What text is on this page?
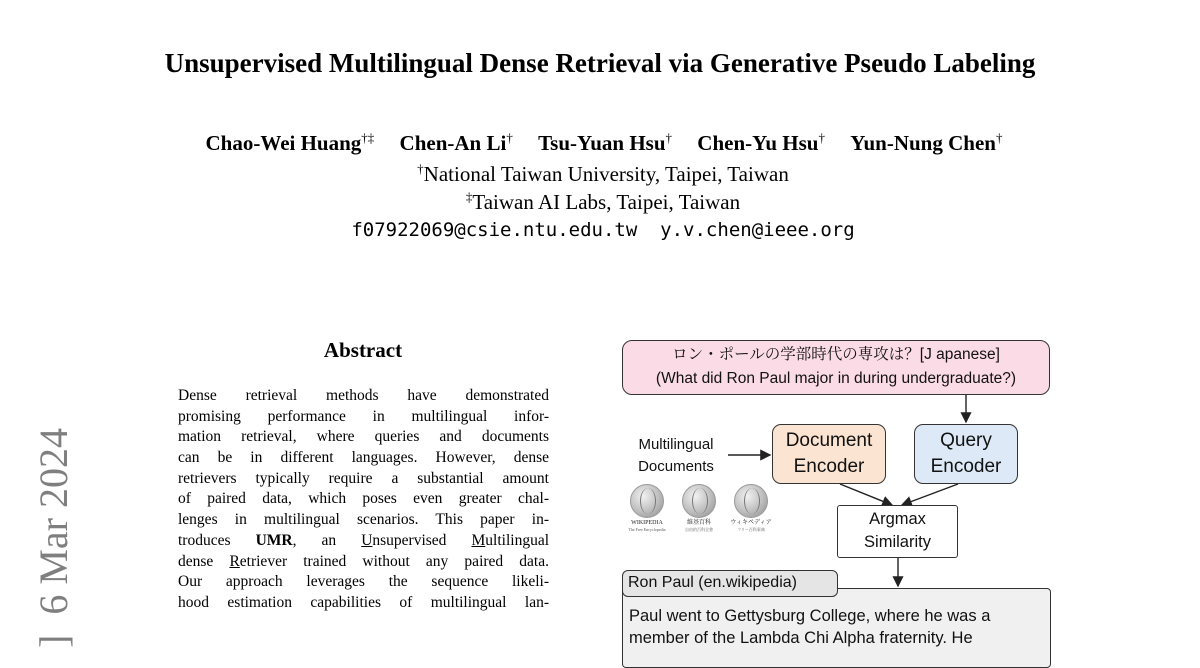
Unsupervised Multilingual Dense Retrieval via Generative Pseudo Labeling
Chao-Wei Huang†‡ Chen-An Li† Tsu-Yuan Hsu† Chen-Yu Hsu† Yun-Nung Chen†
†National Taiwan University, Taipei, Taiwan
‡Taiwan AI Labs, Taipei, Taiwan
f07922069@csie.ntu.edu.tw  y.v.chen@ieee.org
]  6 Mar 2024
Abstract
Dense retrieval methods have demonstrated
promising performance in multilingual infor-
mation retrieval, where queries and documents
can be in different languages. However, dense
retrievers typically require a substantial amount
of paired data, which poses even greater chal-
lenges in multilingual scenarios. This paper in-
troduces UMR, an Unsupervised Multilingual
dense Retriever trained without any paired data.
Our approach leverages the sequence likeli-
hood estimation capabilities of multilingual lan-
ロン・ポールの学部時代の専攻は？[J apanese]
(What did Ron Paul major in during undergraduate?)
Multilingual
Documents
WIKIPEDIA
The Free Encyclopedia
維基百科
自由的百科全書
ウィキペディア
フリー百科事典
Document
Encoder
Query
Encoder
Argmax
Similarity
Paul went to Gettysburg College, where he was a
member of the Lambda Chi Alpha fraternity. He
Ron Paul (en.wikipedia)
